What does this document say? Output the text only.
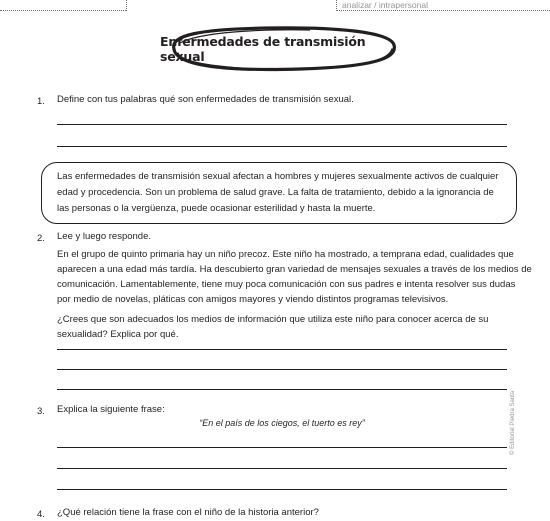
analizar / intrapersonal
Enfermedades de transmisión sexual
1. Define con tus palabras qué son enfermedades de transmisión sexual.
Las enfermedades de transmisión sexual afectan a hombres y mujeres sexualmente activos de cualquier
edad y procedencia. Son un problema de salud grave. La falta de tratamiento, debido a la ignorancia de
las personas o la vergüenza, puede ocasionar esterilidad y hasta la muerte.
2. Lee y luego responde.
En el grupo de quinto primaria hay un niño precoz. Este niño ha mostrado, a temprana edad, cualidades que
aparecen a una edad más tardía. Ha descubierto gran variedad de mensajes sexuales a través de los medios de
comunicación. Lamentablemente, tiene muy poca comunicación con sus padres e intenta resolver sus dudas
por medio de novelas, pláticas con amigos mayores y viendo distintos programas televisivos.
¿Crees que son adecuados los medios de información que utiliza este niño para conocer acerca de su
sexualidad? Explica por qué.
3. Explica la siguiente frase:
“En el país de los ciegos, el tuerto es rey”
4. ¿Qué relación tiene la frase con el niño de la historia anterior?
© Editorial Piedra Santa
